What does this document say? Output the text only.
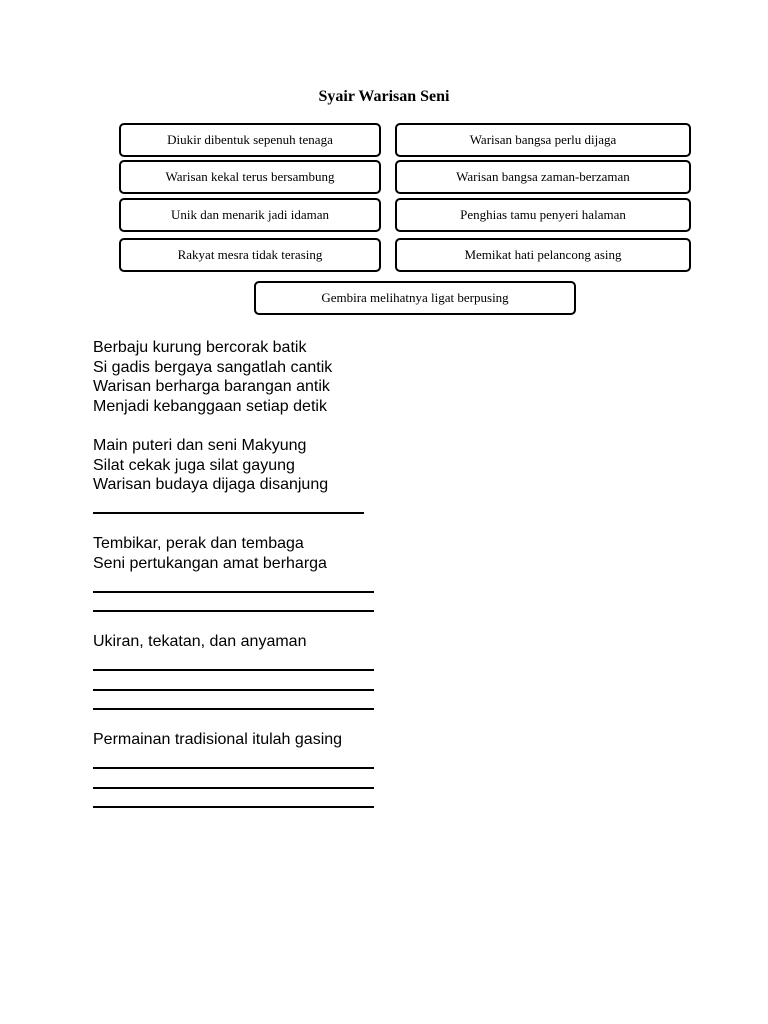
Syair Warisan Seni
Diukir dibentuk sepenuh tenaga	Warisan bangsa perlu dijaga
Warisan kekal terus bersambung	Warisan bangsa zaman-berzaman
Unik dan menarik jadi idaman	Penghias tamu penyeri halaman
Rakyat mesra tidak terasing	Memikat hati pelancong asing
Gembira melihatnya ligat berpusing
Berbaju kurung bercorak batik
Si gadis bergaya sangatlah cantik
Warisan berharga barangan antik
Menjadi kebanggaan setiap detik
Main puteri dan seni Makyung
Silat cekak juga silat gayung
Warisan budaya dijaga disanjung
Tembikar, perak dan tembaga
Seni pertukangan amat berharga
Ukiran, tekatan, dan anyaman
Permainan tradisional itulah gasing
